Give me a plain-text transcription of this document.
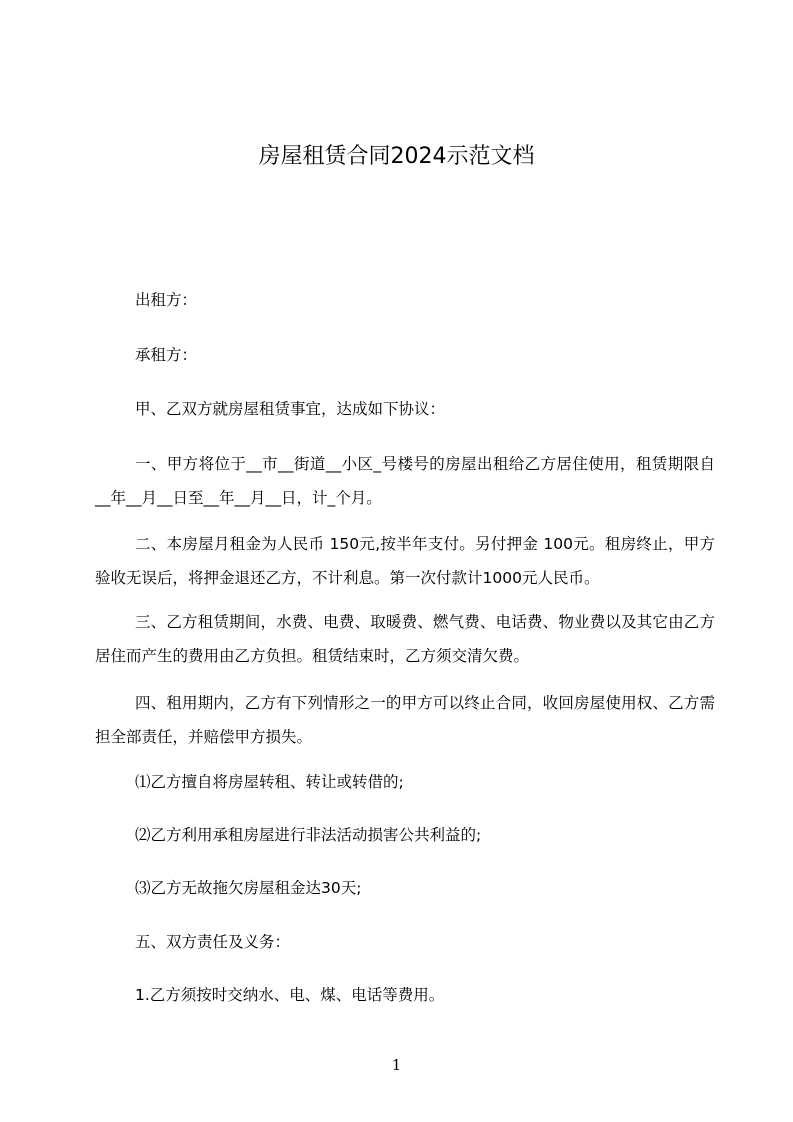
房屋租赁合同2024示范文档
出租方：
承租方：
甲、乙双方就房屋租赁事宜，达成如下协议：
一、甲方将位于__市__街道__小区_号楼号的房屋出租给乙方居住使用，租赁期限自__年__月__日至__年__月__日，计_个月。
二、本房屋月租金为人民币 150元,按半年支付。另付押金 100元。租房终止，甲方验收无误后，将押金退还乙方，不计利息。第一次付款计1000元人民币。
三、乙方租赁期间，水费、电费、取暖费、燃气费、电话费、物业费以及其它由乙方居住而产生的费用由乙方负担。租赁结束时，乙方须交清欠费。
四、租用期内，乙方有下列情形之一的甲方可以终止合同，收回房屋使用权、乙方需担全部责任，并赔偿甲方损失。
⑴乙方擅自将房屋转租、转让或转借的;
⑵乙方利用承租房屋进行非法活动损害公共利益的;
⑶乙方无故拖欠房屋租金达30天;
五、双方责任及义务：
1.乙方须按时交纳水、电、煤、电话等费用。
1
